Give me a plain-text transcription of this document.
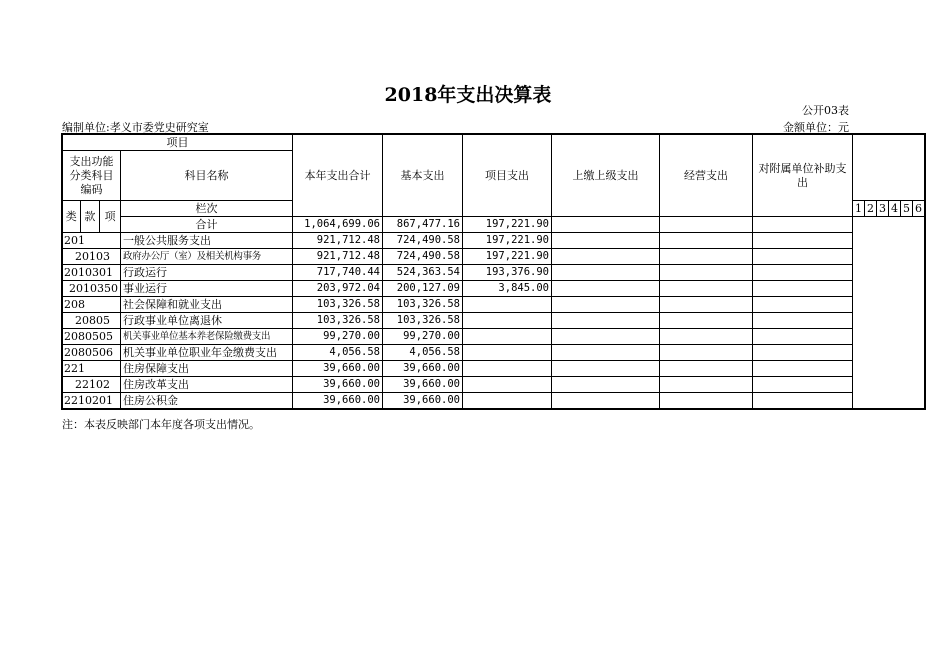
2018年支出决算表
公开03表
编制单位:孝义市委党史研究室	金额单位：元
项目				本年支出合计	基本支出	项目支出	上缴上级支出	经营支出	对附属单位补助支出						
支出功能分类科目编码			科目名称												
类	款	项	栏次							1	2	3	4	5	6
			合计	1,064,699.06	867,477.16	197,221.90									
201			一般公共服务支出	921,712.48	724,490.58	197,221.90									
20103			政府办公厅（室）及相关机构事务	921,712.48	724,490.58	197,221.90									
2010301			行政运行	717,740.44	524,363.54	193,376.90									
2010350			事业运行	203,972.04	200,127.09	3,845.00									
208			社会保障和就业支出	103,326.58	103,326.58										
20805			行政事业单位离退休	103,326.58	103,326.58										
2080505			机关事业单位基本养老保险缴费支出	99,270.00	99,270.00										
2080506			机关事业单位职业年金缴费支出	4,056.58	4,056.58										
221			住房保障支出	39,660.00	39,660.00										
22102			住房改革支出	39,660.00	39,660.00										
2210201			住房公积金	39,660.00	39,660.00										
注：本表反映部门本年度各项支出情况。
